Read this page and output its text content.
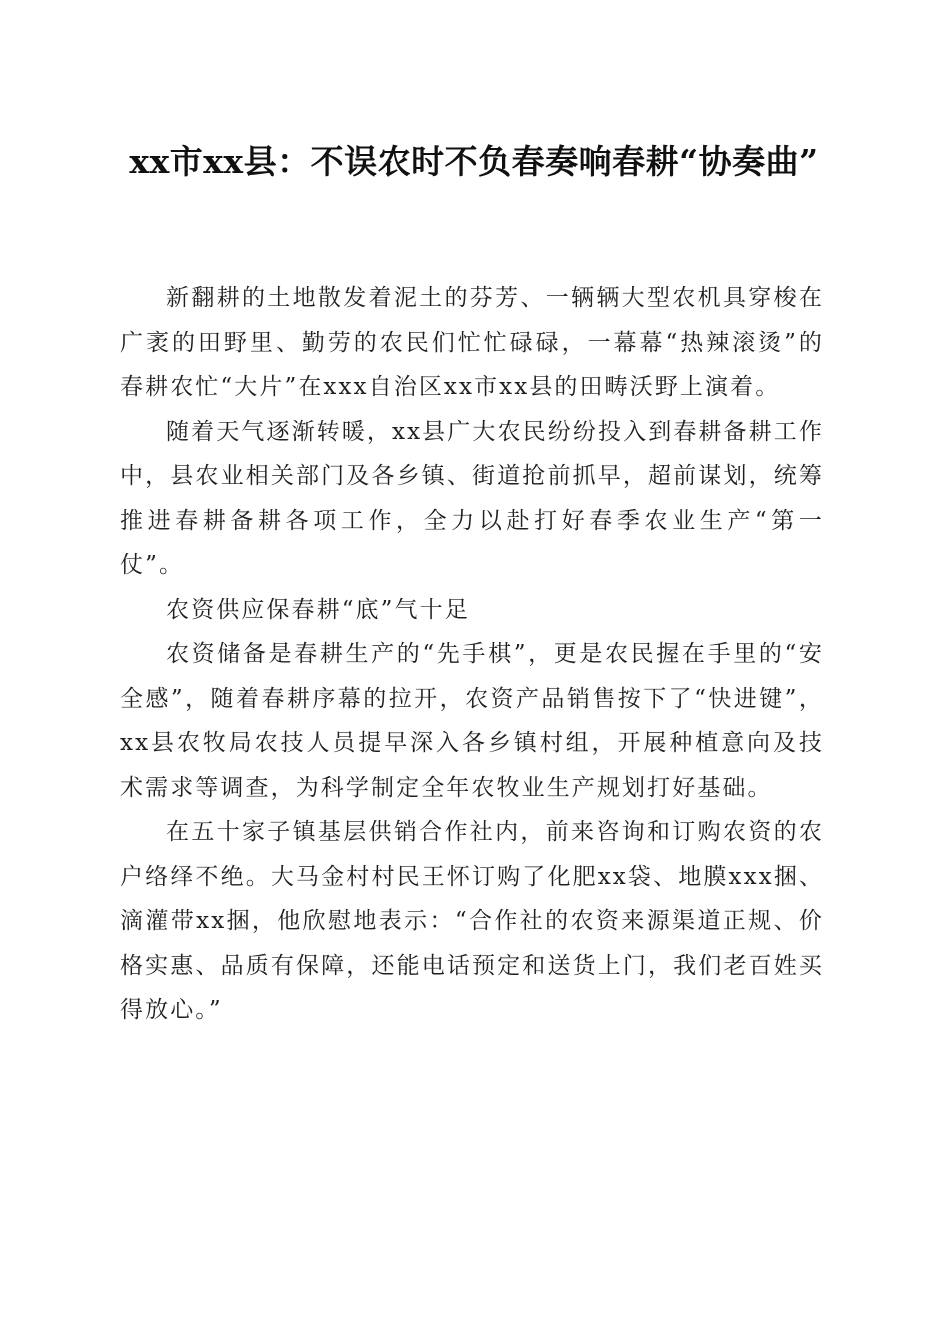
xx市xx县：不误农时不负春奏响春耕“协奏曲”

新翻耕的土地散发着泥土的芬芳、一辆辆大型农机具穿梭在广袤的田野里、勤劳的农民们忙忙碌碌，一幕幕“热辣滚烫”的春耕农忙“大片”在xxx自治区xx市xx县的田畴沃野上演着。

随着天气逐渐转暖，xx县广大农民纷纷投入到春耕备耕工作中，县农业相关部门及各乡镇、街道抢前抓早，超前谋划，统筹推进春耕备耕各项工作，全力以赴打好春季农业生产“第一仗”。

农资供应保春耕“底”气十足

农资储备是春耕生产的“先手棋”，更是农民握在手里的“安全感”，随着春耕序幕的拉开，农资产品销售按下了“快进键”，xx县农牧局农技人员提早深入各乡镇村组，开展种植意向及技术需求等调查，为科学制定全年农牧业生产规划打好基础。

在五十家子镇基层供销合作社内，前来咨询和订购农资的农户络绎不绝。大马金村村民王怀订购了化肥xx袋、地膜xxx捆、滴灌带xx捆，他欣慰地表示：“合作社的农资来源渠道正规、价格实惠、品质有保障，还能电话预定和送货上门，我们老百姓买得放心。”
